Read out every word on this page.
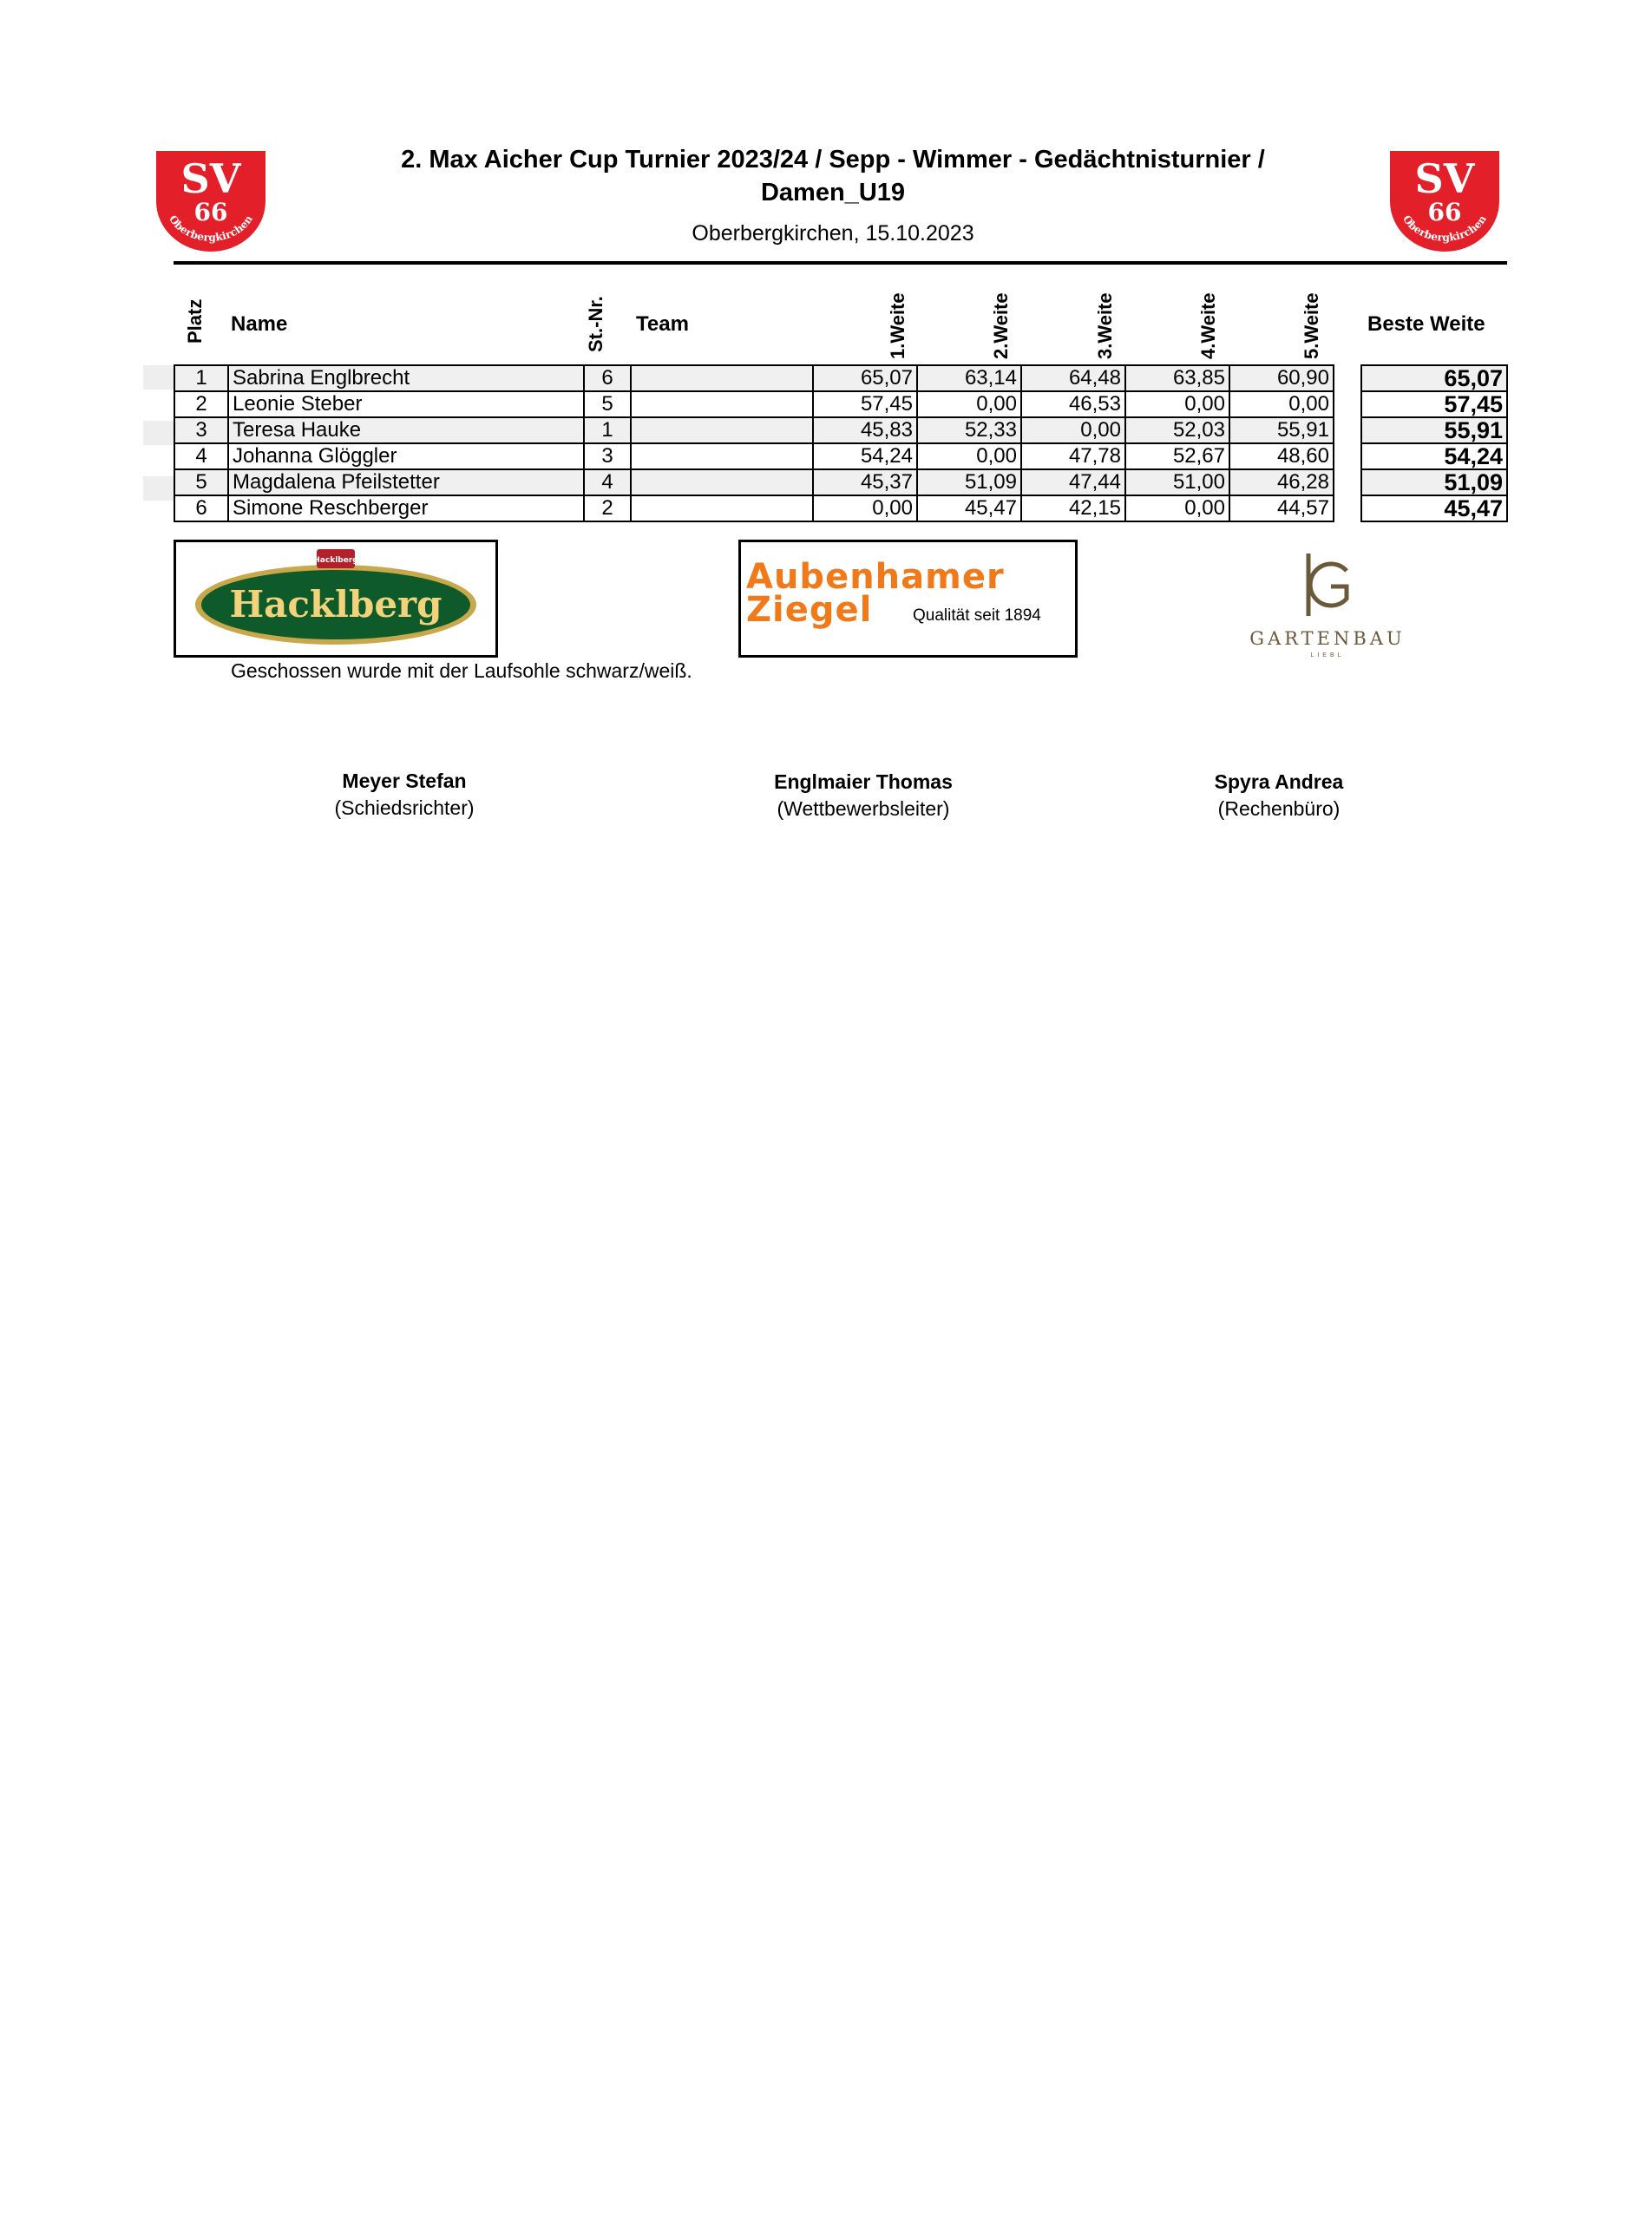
SV
66
Oberbergkirchen
SV
66
Oberbergkirchen
2. Max Aicher Cup Turnier 2023/24 / Sepp - Wimmer - Gedächtnisturnier /
Damen_U19
Oberbergkirchen, 15.10.2023
Platz Name	St.-Nr. Team	1.Weite	2.Weite	3.Weite	4.Weite	5.Weite Beste Weite
1	Sabrina Englbrecht	6		65,07	63,14	64,48	63,85	60,90		65,07
2	Leonie Steber	5		57,45	0,00	46,53	0,00	0,00		57,45
3	Teresa Hauke	1		45,83	52,33	0,00	52,03	55,91		55,91
4	Johanna Glöggler	3		54,24	0,00	47,78	52,67	48,60		54,24
5	Magdalena Pfeilstetter	4		45,37	51,09	47,44	51,00	46,28		51,09
6	Simone Reschberger	2		0,00	45,47	42,15	0,00	44,57		45,47
Hacklberg
Hacklberg
Aubenhamer
Ziegel Qualität seit 1894
GARTENBAU
LIEBL
Geschossen wurde mit der Laufsohle schwarz/weiß.
Meyer Stefan
(Schiedsrichter)
Englmaier Thomas
(Wettbewerbsleiter)
Spyra Andrea
(Rechenbüro)
